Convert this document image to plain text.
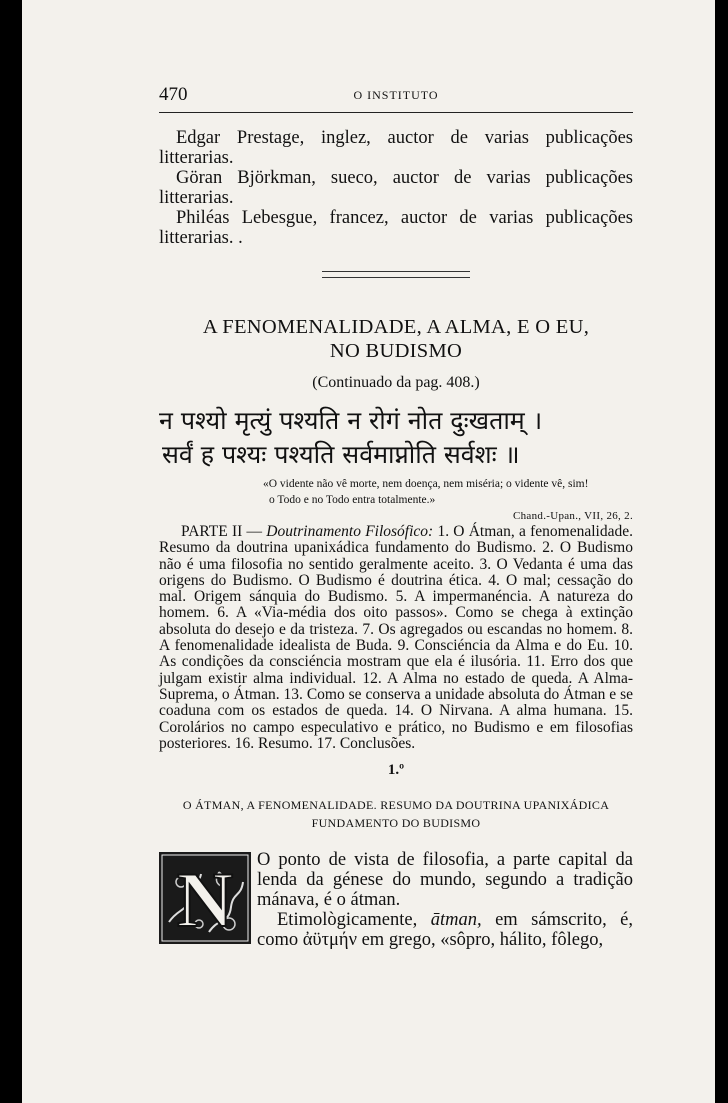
470	O INSTITUTO

Edgar Prestage, inglez, auctor de varias publicações litterarias.

Göran Björkman, sueco, auctor de varias publicações litterarias.

Philéas Lebesgue, francez, auctor de varias publicações litterarias. .

A FENOMENALIDADE, A ALMA, E O EU,
NO BUDISMO
(Continuado da pag. 408.)
न पश्यो मृत्युं पश्यति न रोगं नोत दुःखताम् ।
सर्वं ह पश्यः पश्यति सर्वमाप्नोति सर्वशः ॥
«O vidente não vê morte, nem doença, nem miséria; o vidente vê, sim!
o Todo e no Todo entra totalmente.»
Chand.-Upan., VII, 26, 2.

PARTE II — Doutrinamento Filosófico: 1. O Átman, a fenomenalidade. Resumo da doutrina upanixádica fundamento do Budismo. 2. O Budismo não é uma filosofia no sentido geralmente aceito. 3. O Vedanta é uma das origens do Budismo. O Budismo é doutrina ética. 4. O mal; cessação do mal. Origem sánquia do Budismo. 5. A impermanéncia. A natureza do homem. 6. A «Via-média dos oito passos». Como se chega à extinção absoluta do desejo e da tristeza. 7. Os agregados ou escandas no homem. 8. A fenomenalidade idealista de Buda. 9. Consciéncia da Alma e do Eu. 10. As condições da consciéncia mostram que ela é ilusória. 11. Erro dos que julgam existir alma individual. 12. A Alma no estado de queda. A Alma-Suprema, o Átman. 13. Como se conserva a unidade absoluta do Átman e se coaduna com os estados de queda. 14. O Nirvana. A alma humana. 15. Corolários no campo especulativo e prático, no Budismo e em filosofias posteriores. 16. Resumo. 17. Conclusões.

1.º
O ÁTMAN, A FENOMENALIDADE. RESUMO DA DOUTRINA UPANIXÁDICA
FUNDAMENTO DO BUDISMO
N	O ponto de vista de filosofia, a parte capital da lenda da génese do mundo, segundo a tradição mánava, é o átman.

Etimològicamente, ātman, em sámscrito, é, como ἀϋτμήν em grego, «sôpro, hálito, fôlego,
